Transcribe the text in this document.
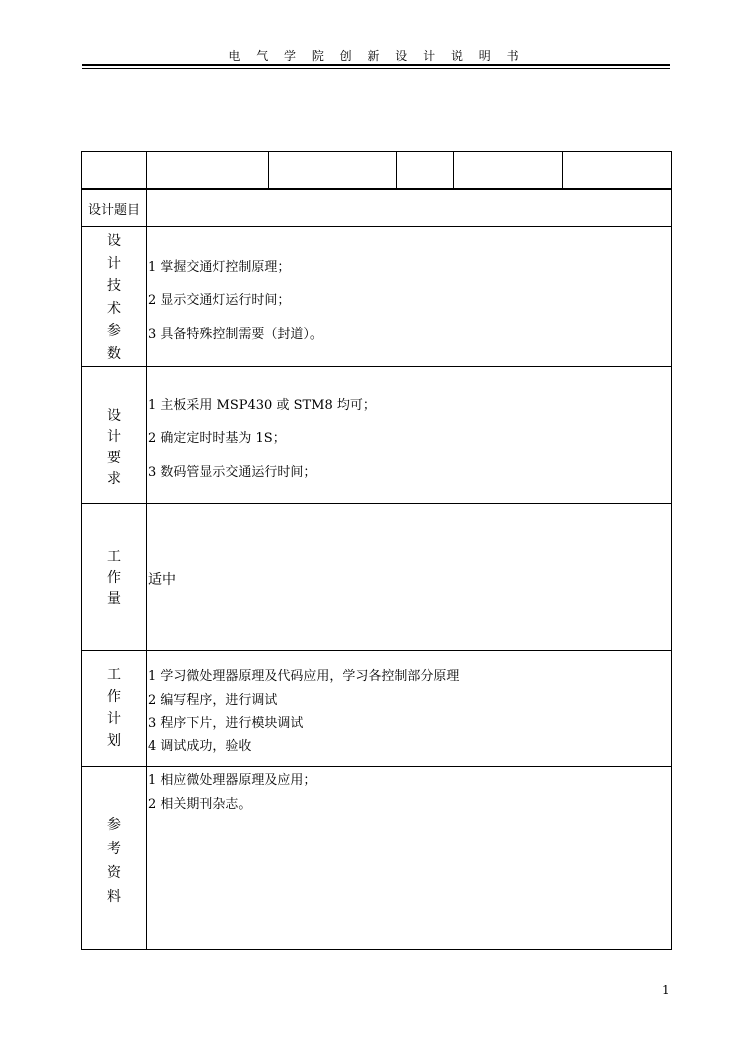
电 气 学 院 创 新 设 计 说 明 书
设计题目
设
计
技
术
参
数
1 掌握交通灯控制原理；
2 显示交通灯运行时间；
3 具备特殊控制需要（封道）。
设
计
要
求
1 主板采用 MSP430 或 STM8 均可；
2 确定定时时基为 1S；
3 数码管显示交通运行时间；
工
作
量
适中
工
作
计
划
1 学习微处理器原理及代码应用，学习各控制部分原理
2 编写程序，进行调试
3 程序下片，进行模块调试
4 调试成功，验收
参
考
资
料
1 相应微处理器原理及应用；
2 相关期刊杂志。
1
